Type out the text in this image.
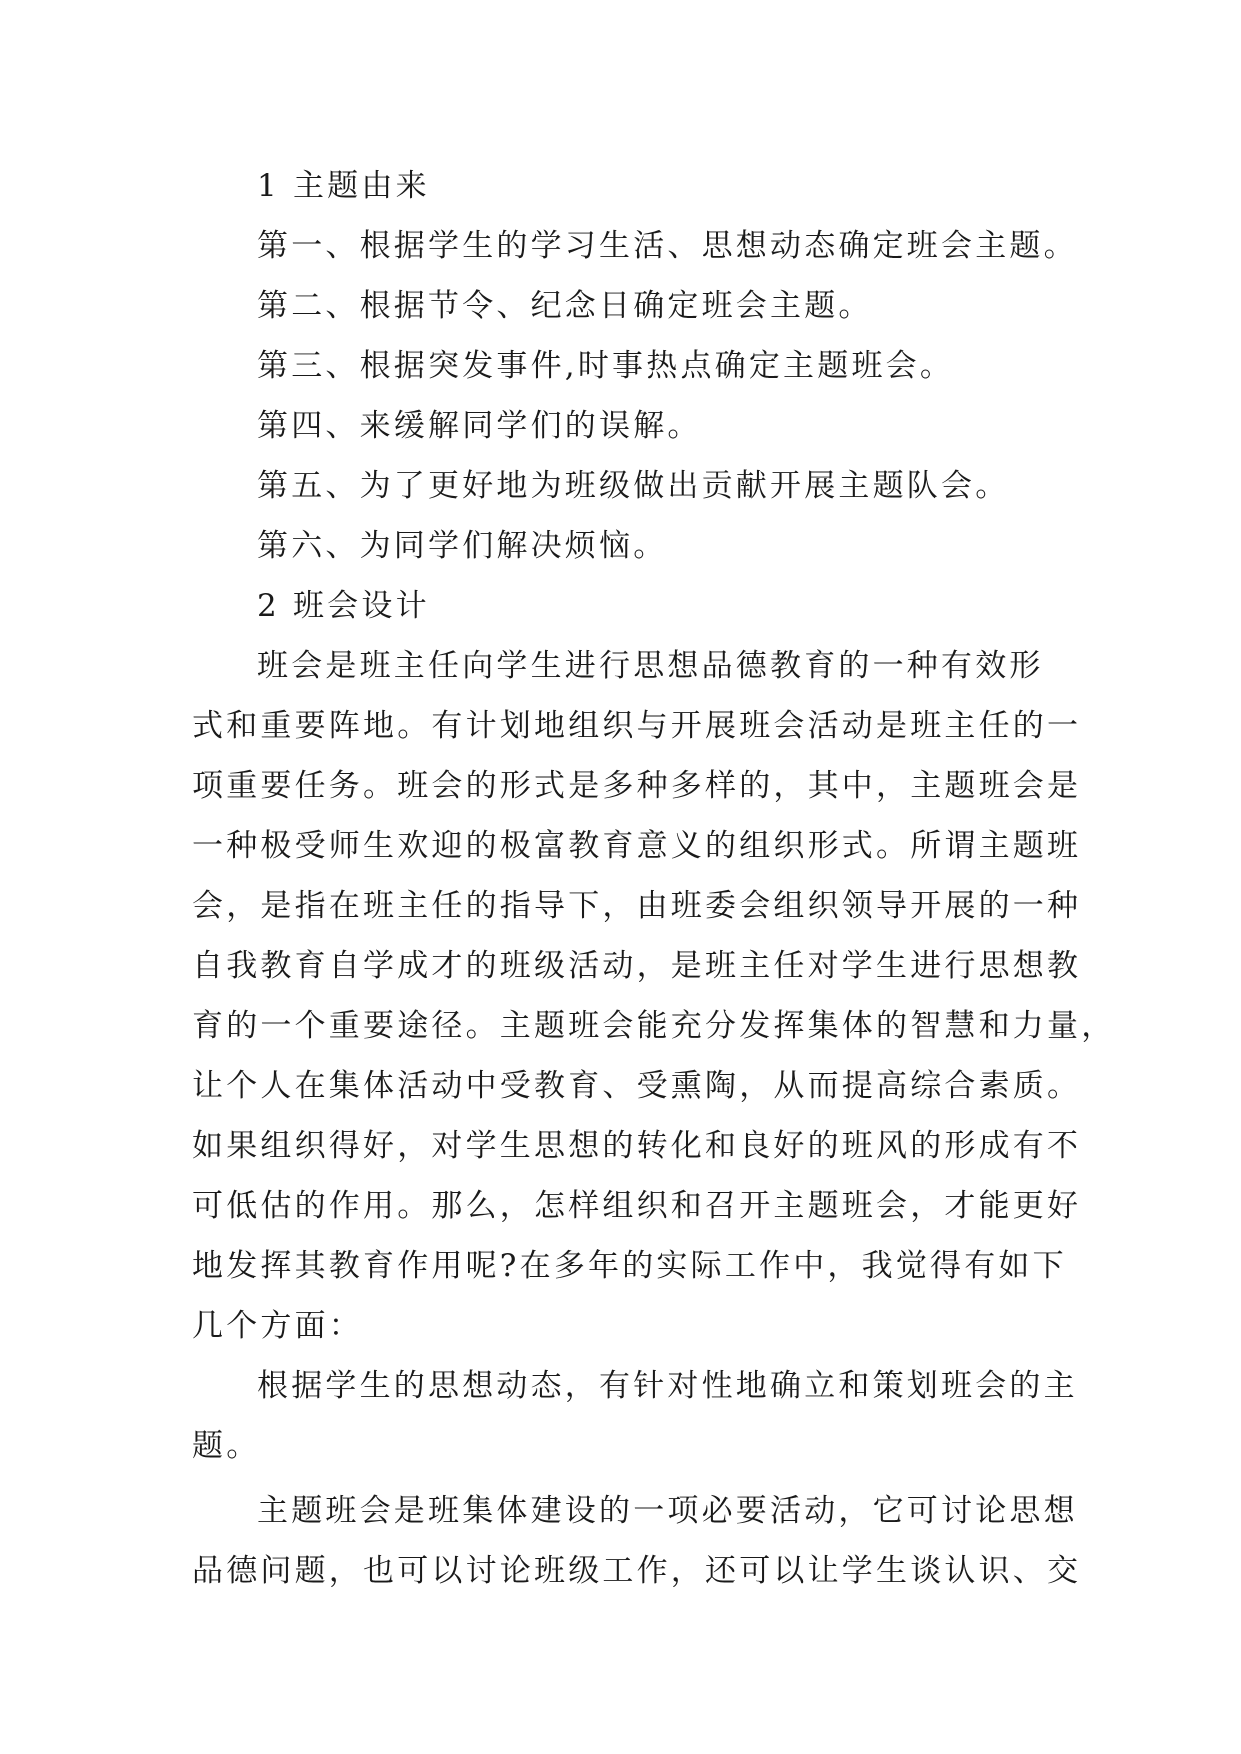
1 主题由来
第一、根据学生的学习生活、思想动态确定班会主题。
第二、根据节令、纪念日确定班会主题。
第三、根据突发事件,时事热点确定主题班会。
第四、来缓解同学们的误解。
第五、为了更好地为班级做出贡献开展主题队会。
第六、为同学们解决烦恼。
2 班会设计
班会是班主任向学生进行思想品德教育的一种有效形
式和重要阵地。有计划地组织与开展班会活动是班主任的一
项重要任务。班会的形式是多种多样的，其中，主题班会是
一种极受师生欢迎的极富教育意义的组织形式。所谓主题班
会，是指在班主任的指导下，由班委会组织领导开展的一种
自我教育自学成才的班级活动，是班主任对学生进行思想教
育的一个重要途径。主题班会能充分发挥集体的智慧和力量，
让个人在集体活动中受教育、受熏陶，从而提高综合素质。
如果组织得好，对学生思想的转化和良好的班风的形成有不
可低估的作用。那么，怎样组织和召开主题班会，才能更好
地发挥其教育作用呢?在多年的实际工作中，我觉得有如下
几个方面：
根据学生的思想动态，有针对性地确立和策划班会的主
题。
主题班会是班集体建设的一项必要活动，它可讨论思想
品德问题，也可以讨论班级工作，还可以让学生谈认识、交
